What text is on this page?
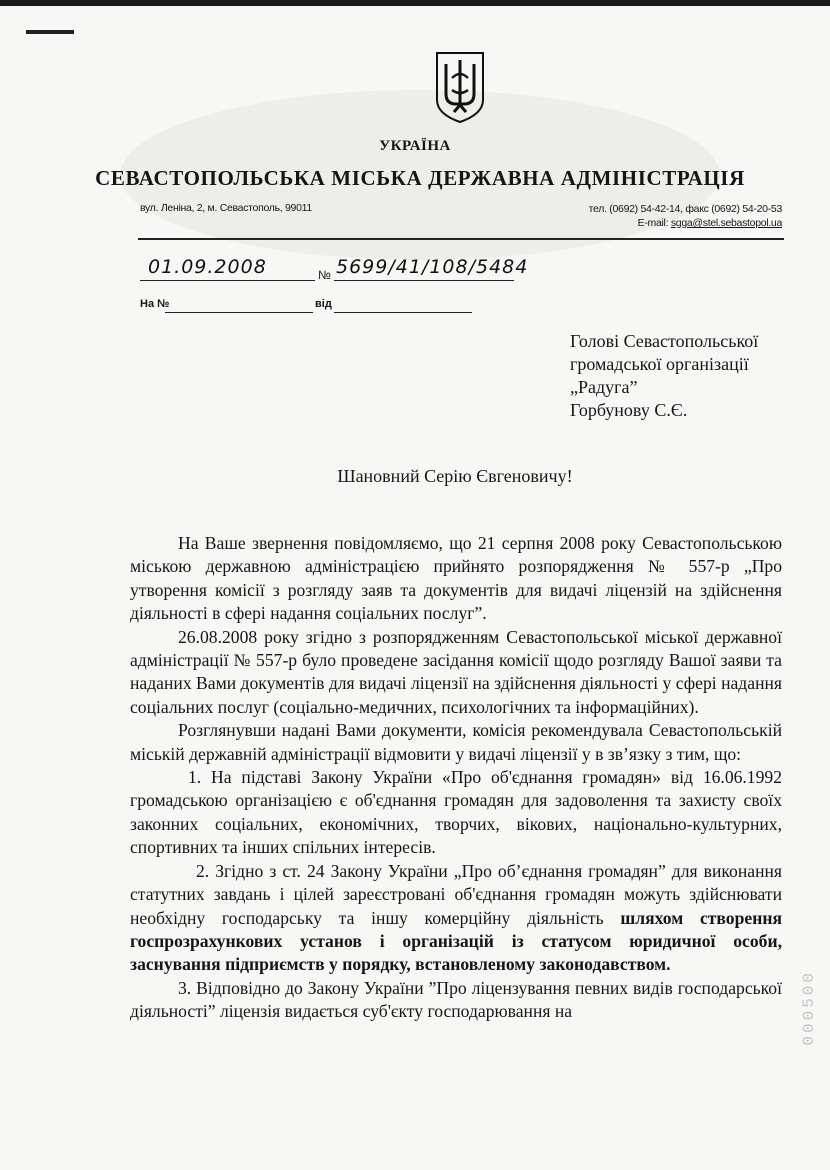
УКРАЇНА
СЕВАСТОПОЛЬСЬКА МІСЬКА ДЕРЖАВНА АДМІНІСТРАЦІЯ
вул. Леніна, 2, м. Севастополь, 99011	тел. (0692) 54-42-14, факс (0692) 54-20-53
E-mail: sgga@stel.sebastopol.ua
01.09.2008	№ 5699/41/108/5484
На №	від
Голові Севастопольської
громадської організації
„Радуга”
Горбунову С.Є.
Шановний Серію Євгеновичу!

На Ваше звернення повідомляємо, що 21 серпня 2008 року Севастопольською міською державною адміністрацією прийнято розпорядження № 557-р „Про утворення комісії з розгляду заяв та документів для видачі ліцензій на здійснення діяльності в сфері надання соціальних послуг”.

26.08.2008 року згідно з розпорядженням Севастопольської міської державної адміністрації № 557-р було проведене засідання комісії щодо розгляду Вашої заяви та наданих Вами документів для видачі ліцензії на здійснення діяльності у сфері надання соціальних послуг (соціально-медичних, психологічних та інформаційних).

Розглянувши надані Вами документи, комісія рекомендувала Севастопольській міській державній адміністрації відмовити у видачі ліцензії у в зв’язку з тим, що:

1. На підставі Закону України «Про об'єднання громадян» від 16.06.1992 громадською організацією є об'єднання громадян для задоволення та захисту своїх законних соціальних, економічних, творчих, вікових, національно-культурних, спортивних та інших спільних інтересів.

2. Згідно з ст. 24 Закону України „Про об’єднання громадян” для виконання статутних завдань і цілей зареєстровані об'єднання громадян можуть здійснювати необхідну господарську та іншу комерційну діяльність шляхом створення госпрозрахункових установ і організацій із статусом юридичної особи, заснування підприємств у порядку, встановленому законодавством.

3. Відповідно до Закону України ”Про ліцензування певних видів господарської діяльності” ліцензія видається суб'єкту господарювання на	000500
